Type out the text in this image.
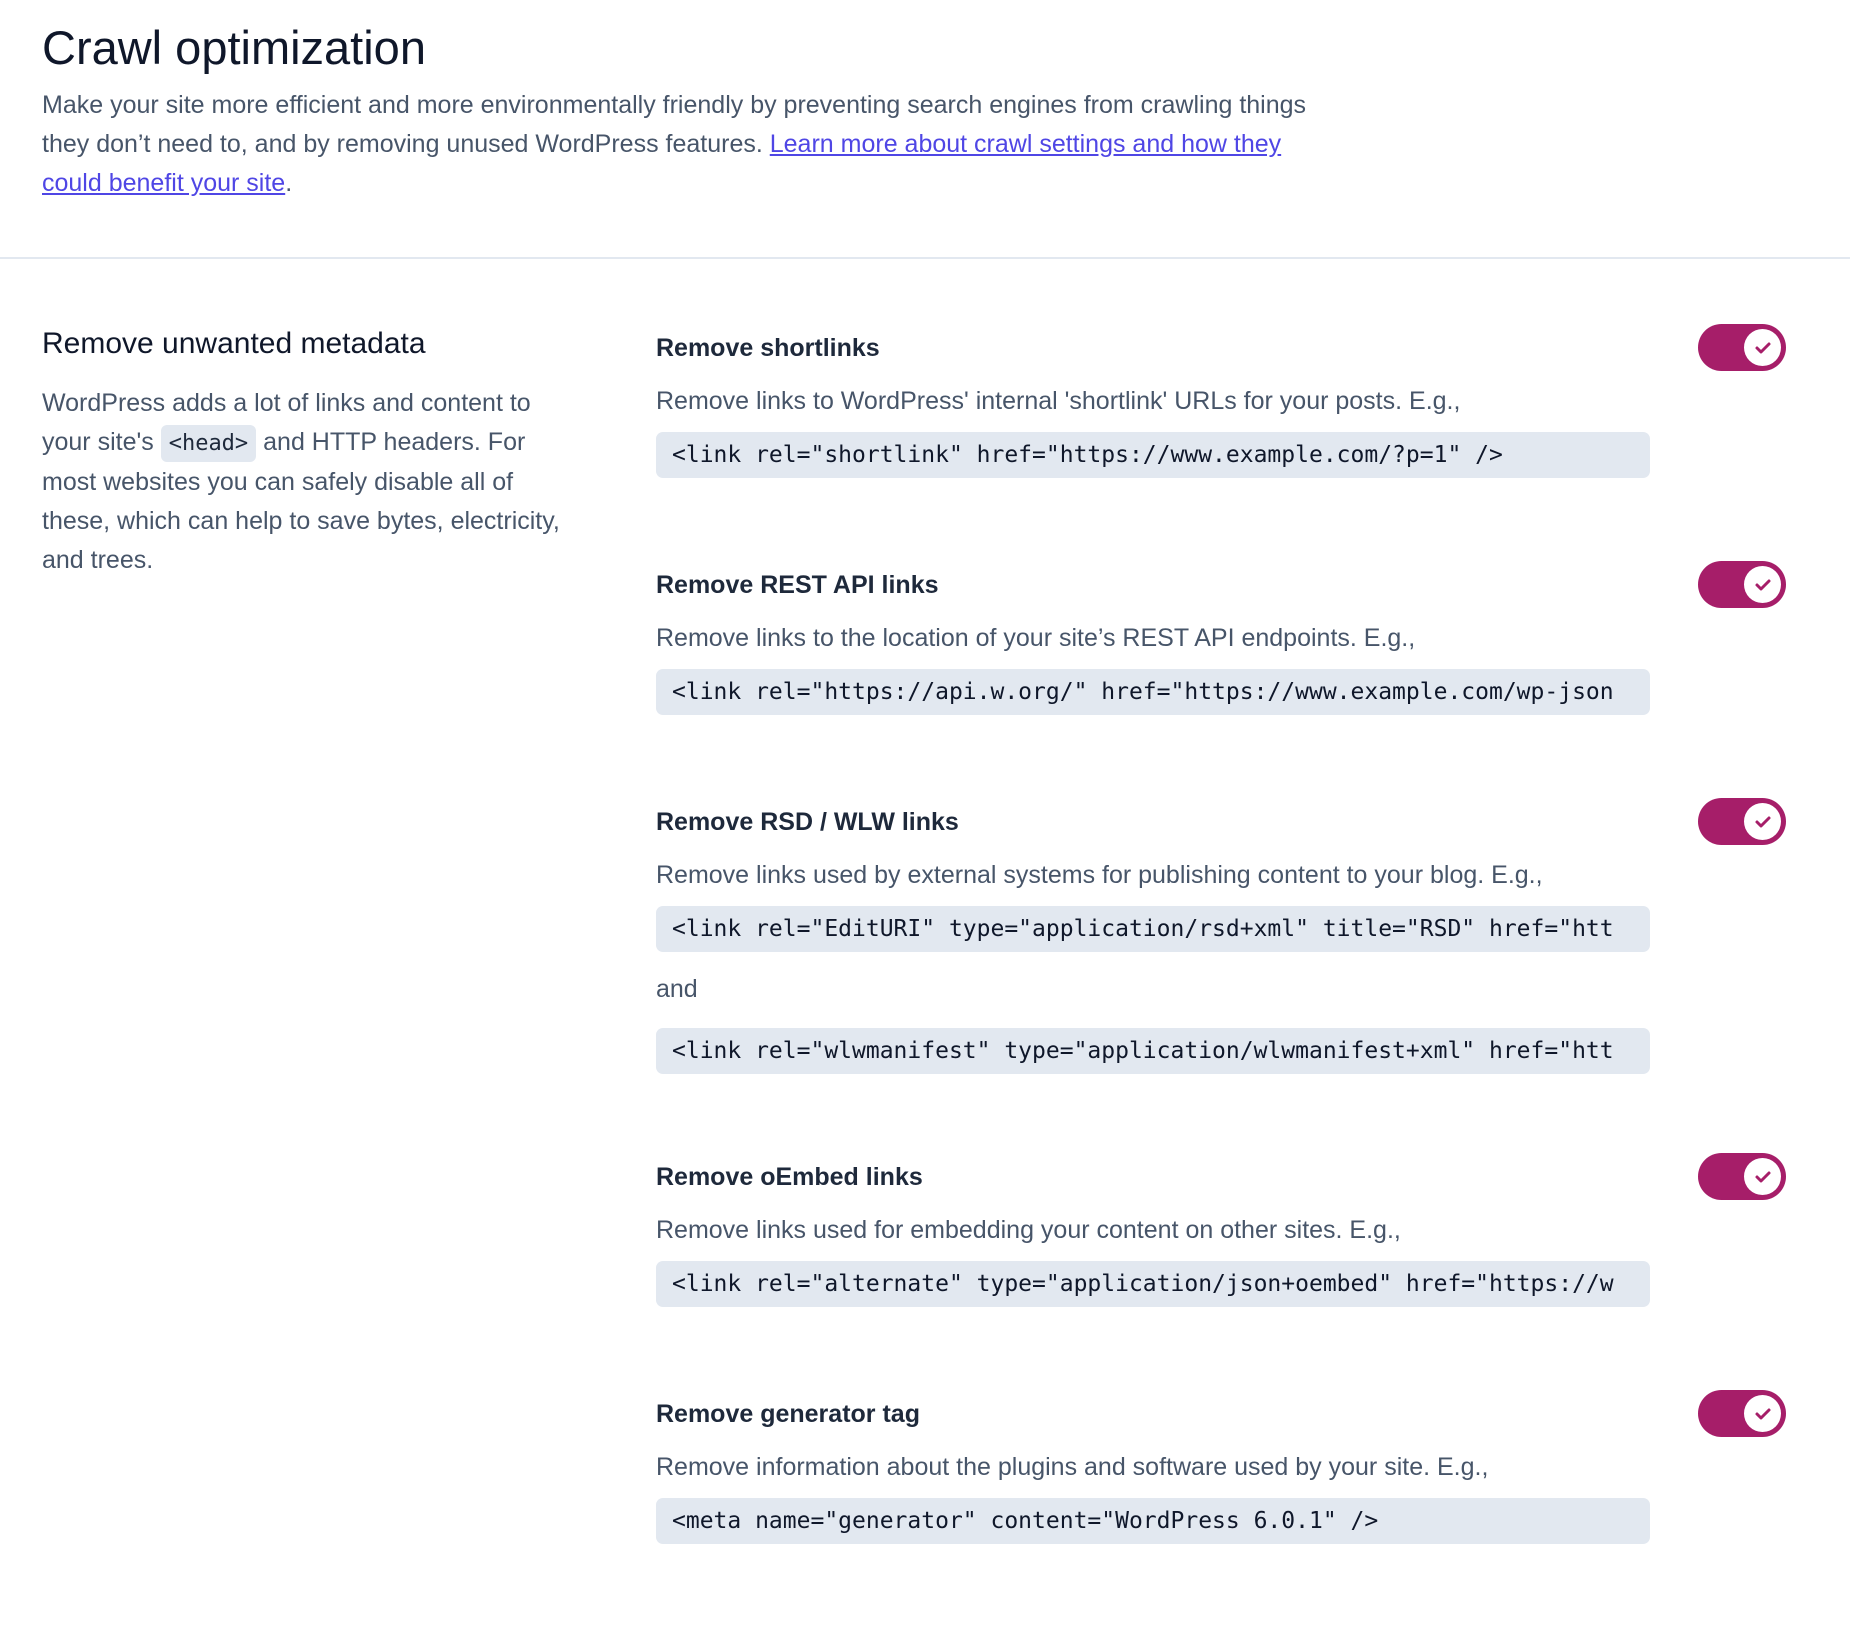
Crawl optimization

Make your site more efficient and more environmentally friendly by preventing search engines from crawling things they don’t need to, and by removing unused WordPress features. Learn more about crawl settings and how they could benefit your site.

Remove unwanted metadata

WordPress adds a lot of links and content to your site's <head> and HTTP headers. For most websites you can safely disable all of these, which can help to save bytes, electricity, and trees.

Remove shortlinks

Remove links to WordPress' internal 'shortlink' URLs for your posts. E.g.,

<link rel="shortlink" href="https://www.example.com/?p=1" />

Remove REST API links

Remove links to the location of your site’s REST API endpoints. E.g.,

<link rel="https://api.w.org/" href="https://www.example.com/wp-json

Remove RSD / WLW links

Remove links used by external systems for publishing content to your blog. E.g.,

<link rel="EditURI" type="application/rsd+xml" title="RSD" href="htt

and

<link rel="wlwmanifest" type="application/wlwmanifest+xml" href="htt

Remove oEmbed links

Remove links used for embedding your content on other sites. E.g.,

<link rel="alternate" type="application/json+oembed" href="https://w

Remove generator tag

Remove information about the plugins and software used by your site. E.g.,

<meta name="generator" content="WordPress 6.0.1" />
